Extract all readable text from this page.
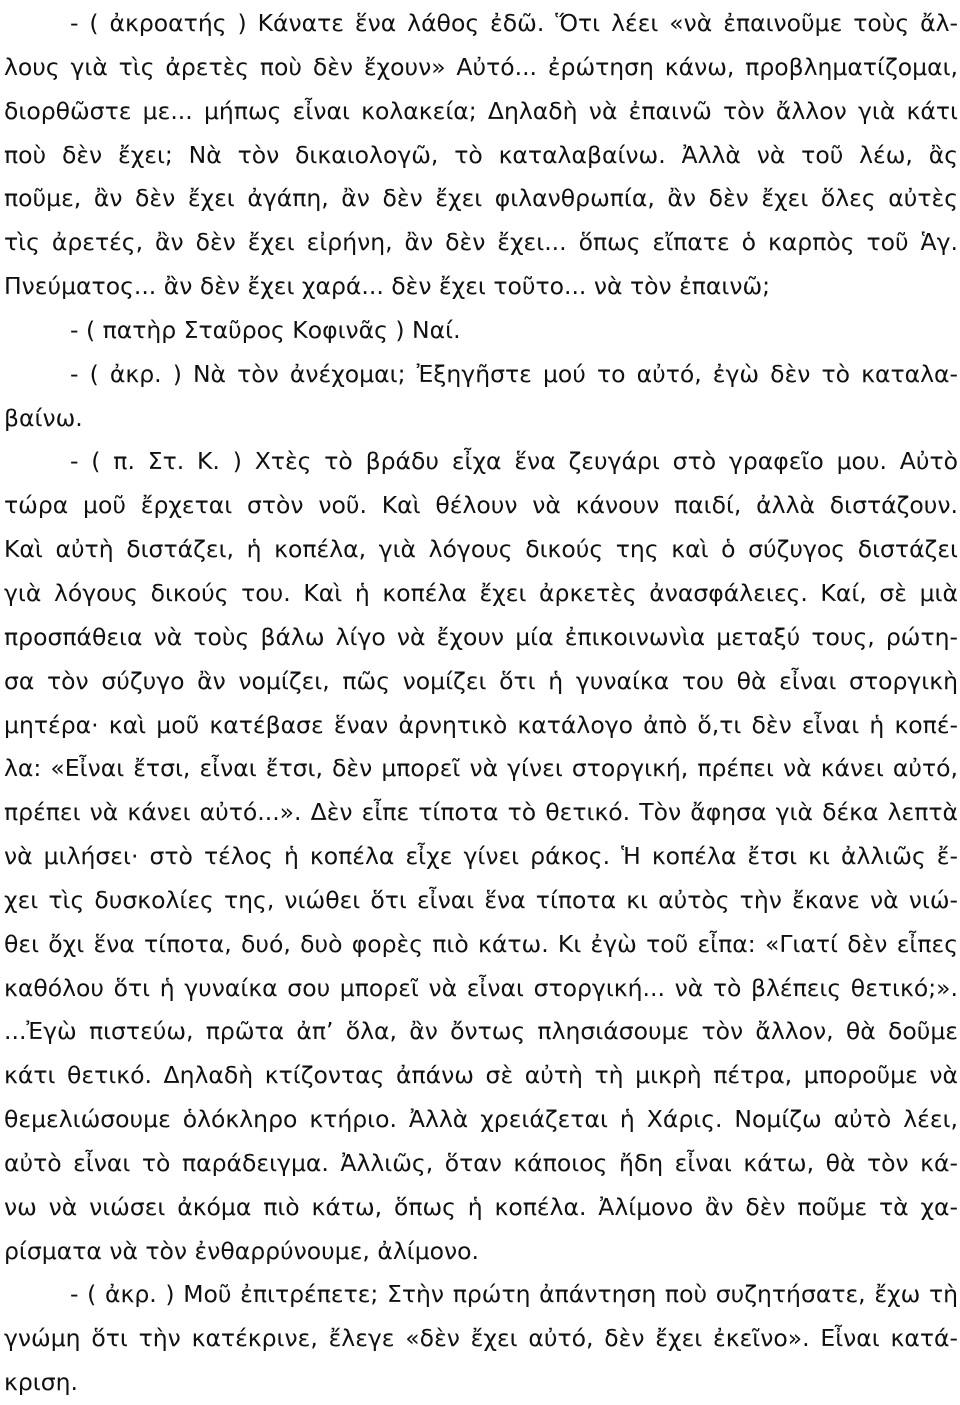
- ( ἀκροατής ) Κάνατε ἕνα λάθος ἐδῶ. Ὅτι λέει «νὰ ἐπαινοῦμε τοὺς ἄλ-
λους γιὰ τὶς ἀρετὲς ποὺ δὲν ἔχουν» Αὐτό... ἐρώτηση κάνω, προβληματίζομαι,
διορθῶστε με... μήπως εἶναι κολακεία; Δηλαδὴ νὰ ἐπαινῶ τὸν ἄλλον γιὰ κάτι
ποὺ δὲν ἔχει; Νὰ τὸν δικαιολογῶ, τὸ καταλαβαίνω. Ἀλλὰ νὰ τοῦ λέω, ἂς
ποῦμε, ἂν δὲν ἔχει ἀγάπη, ἂν δὲν ἔχει φιλανθρωπία, ἂν δὲν ἔχει ὅλες αὐτὲς
τὶς ἀρετές, ἂν δὲν ἔχει εἰρήνη, ἂν δὲν ἔχει... ὅπως εἴπατε ὁ καρπὸς τοῦ Ἁγ.
Πνεύματος... ἂν δὲν ἔχει χαρά... δὲν ἔχει τοῦτο... νὰ τὸν ἐπαινῶ;
- ( πατὴρ Σταῦρος Κοφινᾶς ) Ναί.
- ( ἀκρ. ) Νὰ τὸν ἀνέχομαι; Ἐξηγῆστε μού το αὐτό, ἐγὼ δὲν τὸ καταλα-
βαίνω.
- ( π. Στ. Κ. ) Χτὲς τὸ βράδυ εἶχα ἕνα ζευγάρι στὸ γραφεῖο μου. Αὐτὸ
τώρα μοῦ ἔρχεται στὸν νοῦ. Καὶ θέλουν νὰ κάνουν παιδί, ἀλλὰ διστάζουν.
Καὶ αὐτὴ διστάζει, ἡ κοπέλα, γιὰ λόγους δικούς της καὶ ὁ σύζυγος διστάζει
γιὰ λόγους δικούς του. Καὶ ἡ κοπέλα ἔχει ἀρκετὲς ἀνασφάλειες. Καί, σὲ μιὰ
προσπάθεια νὰ τοὺς βάλω λίγο νὰ ἔχουν μία ἐπικοινωνὶα μεταξύ τους, ρώτη-
σα τὸν σύζυγο ἂν νομίζει, πῶς νομίζει ὅτι ἡ γυναίκα του θὰ εἶναι στοργικὴ
μητέρα· καὶ μοῦ κατέβασε ἕναν ἀρνητικὸ κατάλογο ἀπὸ ὅ,τι δὲν εἶναι ἡ κοπέ-
λα: «Εἶναι ἔτσι, εἶναι ἔτσι, δὲν μπορεῖ νὰ γίνει στοργική, πρέπει νὰ κάνει αὐτό,
πρέπει νὰ κάνει αὐτό...». Δὲν εἶπε τίποτα τὸ θετικό. Τὸν ἄφησα γιὰ δέκα λεπτὰ
νὰ μιλήσει· στὸ τέλος ἡ κοπέλα εἶχε γίνει ράκος. Ἡ κοπέλα ἔτσι κι ἀλλιῶς ἔ-
χει τὶς δυσκολίες της, νιώθει ὅτι εἶναι ἕνα τίποτα κι αὐτὸς τὴν ἔκανε νὰ νιώ-
θει ὄχι ἕνα τίποτα, δυό, δυὸ φορὲς πιὸ κάτω. Κι ἐγὼ τοῦ εἶπα: «Γιατί δὲν εἶπες
καθόλου ὅτι ἡ γυναίκα σου μπορεῖ νὰ εἶναι στοργική... νὰ τὸ βλέπεις θετικό;».
...Ἐγὼ πιστεύω, πρῶτα ἀπ’ ὅλα, ἂν ὄντως πλησιάσουμε τὸν ἄλλον, θὰ δοῦμε
κάτι θετικό. Δηλαδὴ κτίζοντας ἀπάνω σὲ αὐτὴ τὴ μικρὴ πέτρα, μποροῦμε νὰ
θεμελιώσουμε ὁλόκληρο κτήριο. Ἀλλὰ χρειάζεται ἡ Χάρις. Νομίζω αὐτὸ λέει,
αὐτὸ εἶναι τὸ παράδειγμα. Ἀλλιῶς, ὅταν κάποιος ἤδη εἶναι κάτω, θὰ τὸν κά-
νω νὰ νιώσει ἀκόμα πιὸ κάτω, ὅπως ἡ κοπέλα. Ἀλίμονο ἂν δὲν ποῦμε τὰ χα-
ρίσματα νὰ τὸν ἐνθαρρύνουμε, ἀλίμονο.
- ( ἀκρ. ) Μοῦ ἐπιτρέπετε; Στὴν πρώτη ἀπάντηση ποὺ συζητήσατε, ἔχω τὴ
γνώμη ὅτι τὴν κατέκρινε, ἔλεγε «δὲν ἔχει αὐτό, δὲν ἔχει ἐκεῖνο». Εἶναι κατά-
κριση.
